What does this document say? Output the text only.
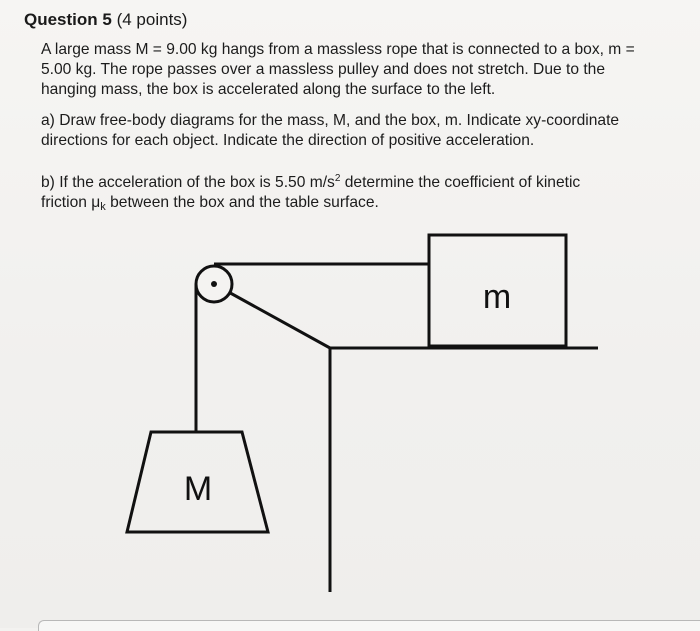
Question 5 (4 points)
A large mass M = 9.00 kg hangs from a massless rope that is connected to a box, m =
5.00 kg. The rope passes over a massless pulley and does not stretch. Due to the
hanging mass, the box is accelerated along the surface to the left.
a) Draw free-body diagrams for the mass, M, and the box, m. Indicate xy-coordinate
directions for each object. Indicate the direction of positive acceleration.
b) If the acceleration of the box is 5.50 $m/s^2$ determine the coefficient of kinetic
friction $\mu_k$ between the box and the table surface.
m
M
